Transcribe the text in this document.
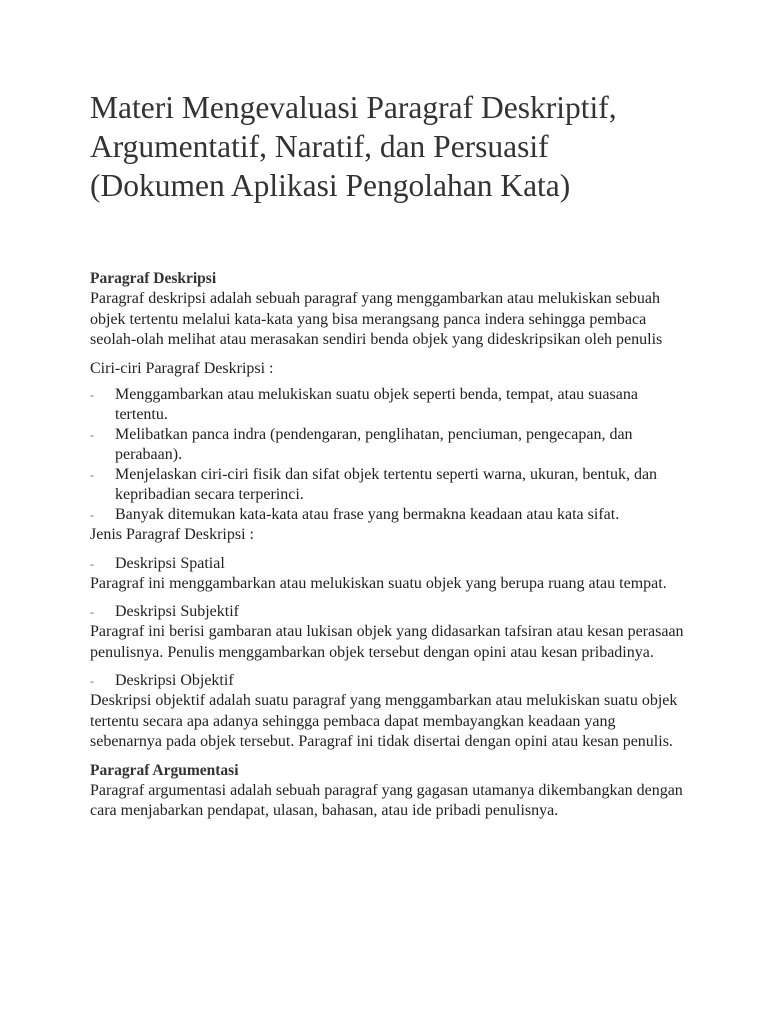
Materi Mengevaluasi Paragraf Deskriptif,
Argumentatif, Naratif, dan Persuasif
(Dokumen Aplikasi Pengolahan Kata)

Paragraf Deskripsi

Paragraf deskripsi adalah sebuah paragraf yang menggambarkan atau melukiskan sebuah objek tertentu melalui kata-kata yang bisa merangsang panca indera sehingga pembaca seolah-olah melihat atau merasakan sendiri benda objek yang dideskripsikan oleh penulis

Ciri-ciri Paragraf Deskripsi :

- Menggambarkan atau melukiskan suatu objek seperti benda, tempat, atau suasana tertentu.
- Melibatkan panca indra (pendengaran, penglihatan, penciuman, pengecapan, dan perabaan).
- Menjelaskan ciri-ciri fisik dan sifat objek tertentu seperti warna, ukuran, bentuk, dan kepribadian secara terperinci.
- Banyak ditemukan kata-kata atau frase yang bermakna keadaan atau kata sifat.

Jenis Paragraf Deskripsi :

- Deskripsi Spatial

Paragraf ini menggambarkan atau melukiskan suatu objek yang berupa ruang atau tempat.

- Deskripsi Subjektif

Paragraf ini berisi gambaran atau lukisan objek yang didasarkan tafsiran atau kesan perasaan penulisnya. Penulis menggambarkan objek tersebut dengan opini atau kesan pribadinya.

- Deskripsi Objektif

Deskripsi objektif adalah suatu paragraf yang menggambarkan atau melukiskan suatu objek tertentu secara apa adanya sehingga pembaca dapat membayangkan keadaan yang sebenarnya pada objek tersebut. Paragraf ini tidak disertai dengan opini atau kesan penulis.

Paragraf Argumentasi

Paragraf argumentasi adalah sebuah paragraf yang gagasan utamanya dikembangkan dengan cara menjabarkan pendapat, ulasan, bahasan, atau ide pribadi penulisnya.
